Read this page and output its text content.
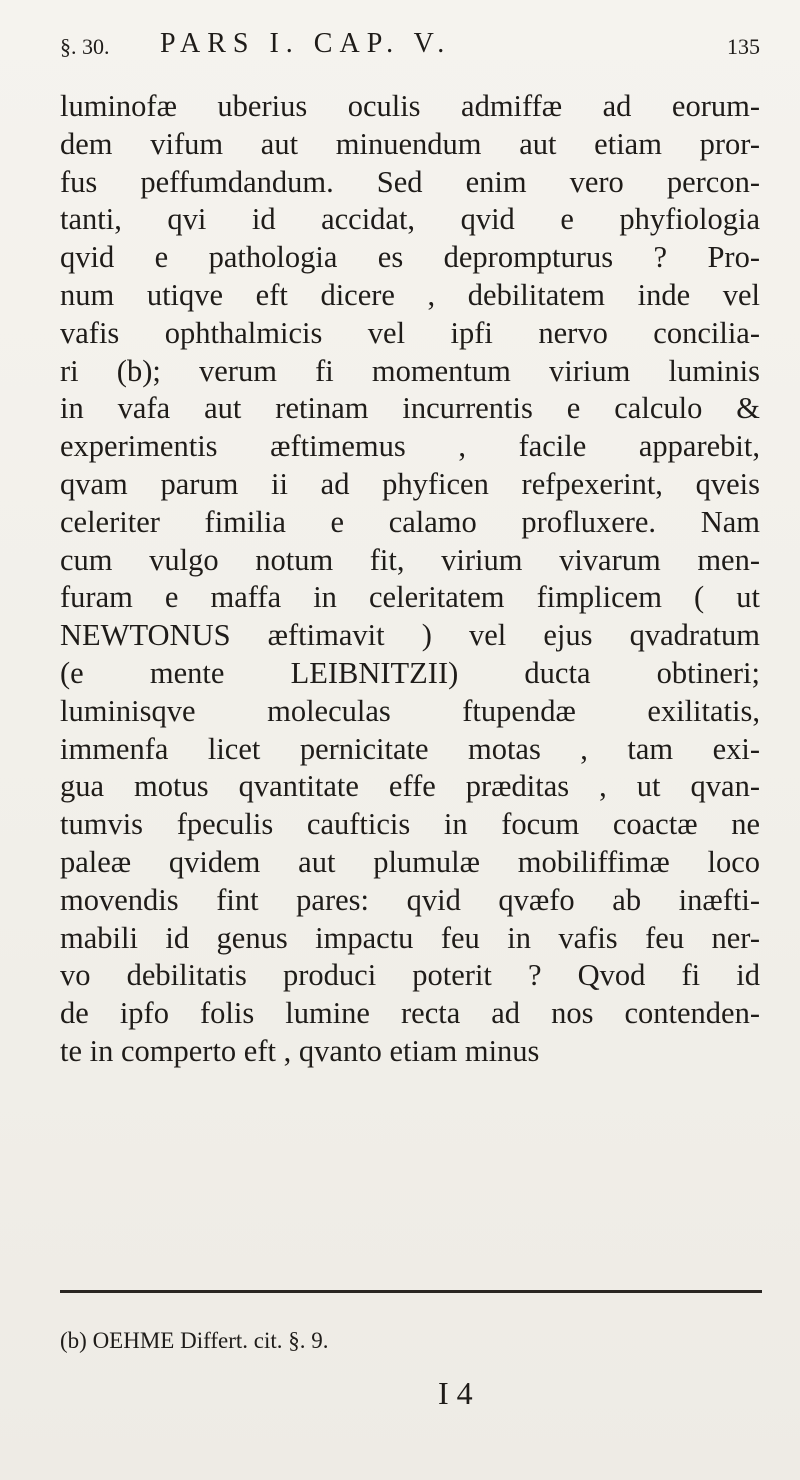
§. 30. PARS I. CAP. V.	135
luminofæ uberius oculis admiffæ ad eorum-
dem vifum aut minuendum aut etiam pror-
fus peffumdandum. Sed enim vero percon-
tanti, qvi id accidat, qvid e phyfiologia
qvid e pathologia es deprompturus ? Pro-
num utiqve eft dicere , debilitatem inde vel
vafis ophthalmicis vel ipfi nervo concilia-
ri (b); verum fi momentum virium luminis
in vafa aut retinam incurrentis e calculo &
experimentis æftimemus , facile apparebit,
qvam parum ii ad phyficen refpexerint, qveis
celeriter fimilia e calamo profluxere. Nam
cum vulgo notum fit, virium vivarum men-
furam e maffa in celeritatem fimplicem ( ut
NEWTONUS æftimavit ) vel ejus qvadratum
(e mente LEIBNITZII) ducta obtineri;
luminisqve moleculas ftupendæ exilitatis,
immenfa licet pernicitate motas , tam exi-
gua motus qvantitate effe præditas , ut qvan-
tumvis fpeculis caufticis in focum coactæ ne
paleæ qvidem aut plumulæ mobiliffimæ loco
movendis fint pares: qvid qvæfo ab inæfti-
mabili id genus impactu feu in vafis feu ner-
vo debilitatis produci poterit ? Qvod fi id
de ipfo folis lumine recta ad nos contenden-
te in comperto eft , qvanto etiam minus
(b) OEHME Differt. cit. §. 9.
I 4
